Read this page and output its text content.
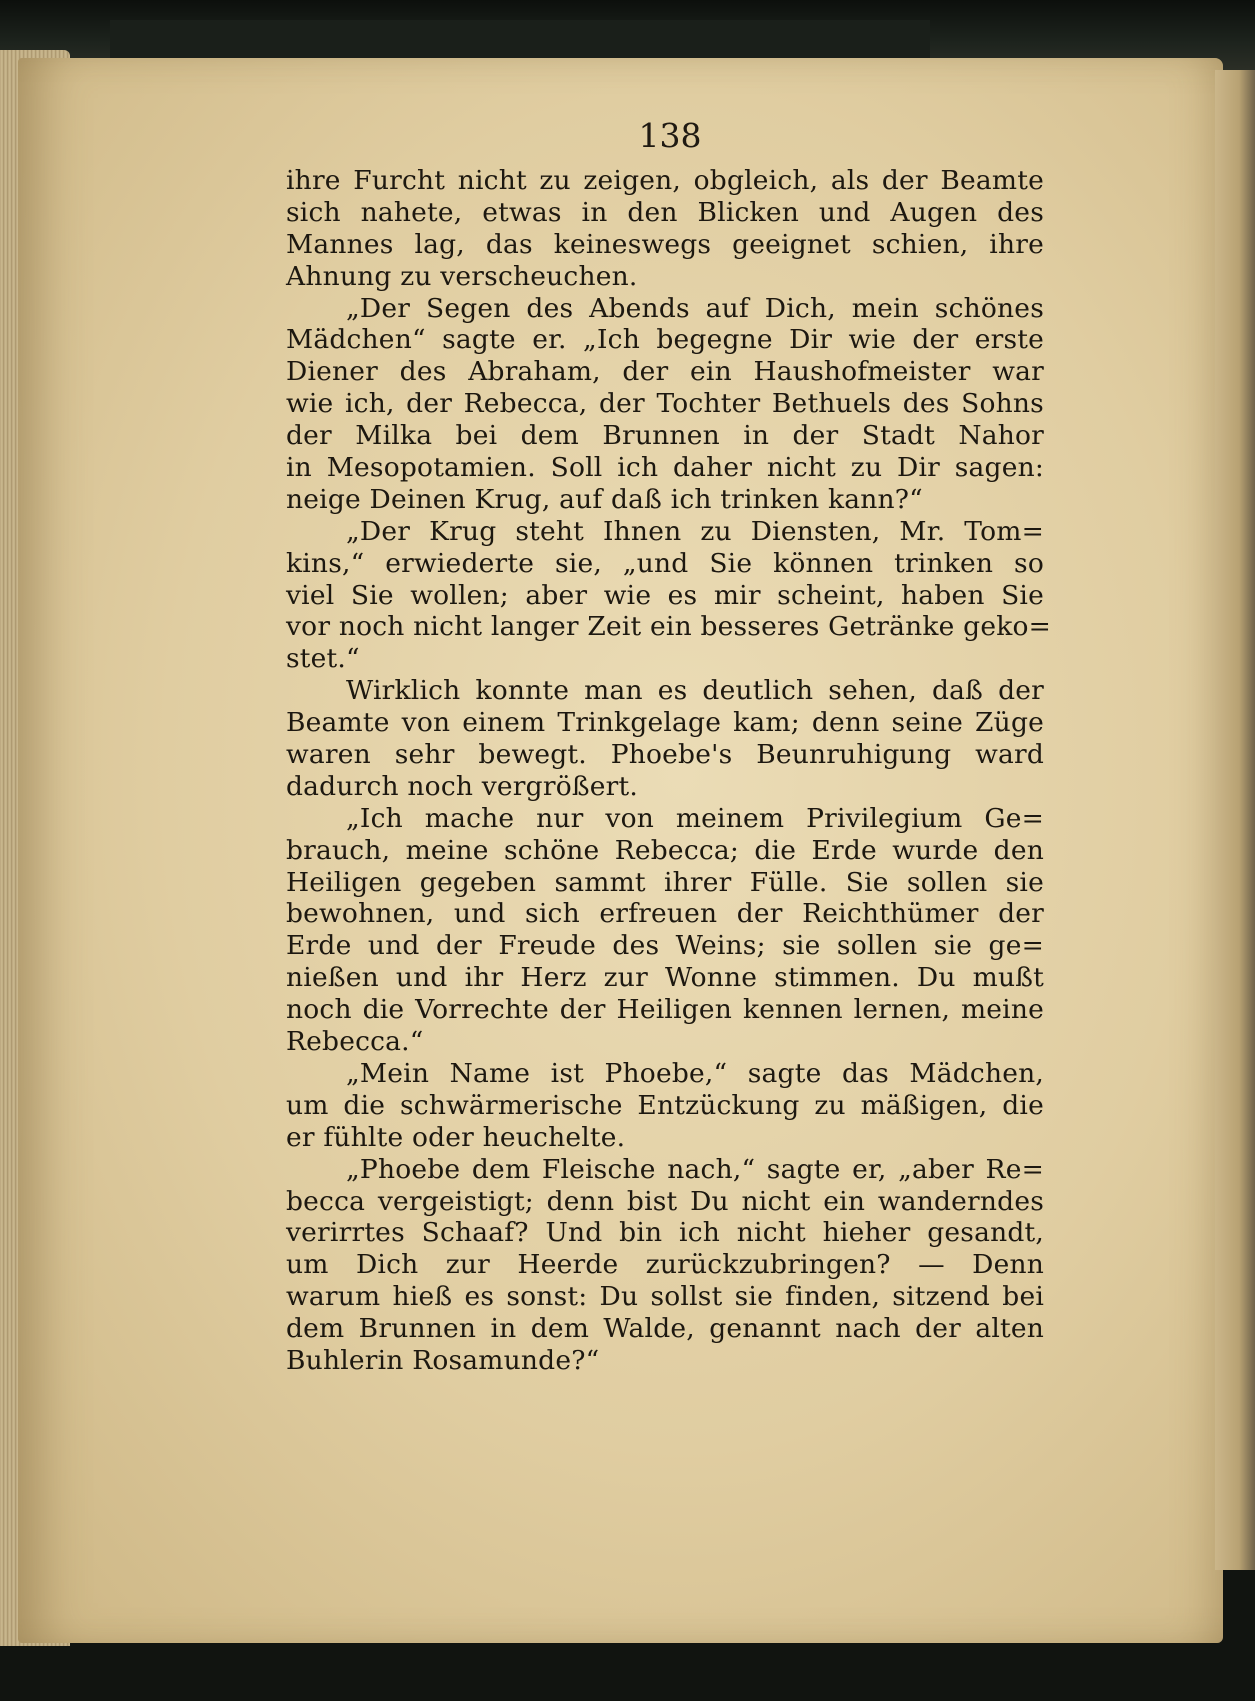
138
ihre Furcht nicht zu zeigen, obgleich, als der Beamte
sich nahete, etwas in den Blicken und Augen des
Mannes lag, das keineswegs geeignet schien, ihre
Ahnung zu verscheuchen.
„Der Segen des Abends auf Dich, mein schönes
Mädchen“ sagte er. „Ich begegne Dir wie der erste
Diener des Abraham, der ein Haushofmeister war
wie ich, der Rebecca, der Tochter Bethuels des Sohns
der Milka bei dem Brunnen in der Stadt Nahor
in Mesopotamien. Soll ich daher nicht zu Dir sagen:
neige Deinen Krug, auf daß ich trinken kann?“
„Der Krug steht Ihnen zu Diensten, Mr. Tom=
kins,“ erwiederte sie, „und Sie können trinken so
viel Sie wollen; aber wie es mir scheint, haben Sie
vor noch nicht langer Zeit ein besseres Getränke geko=
stet.“
Wirklich konnte man es deutlich sehen, daß der
Beamte von einem Trinkgelage kam; denn seine Züge
waren sehr bewegt. Phoebe's Beunruhigung ward
dadurch noch vergrößert.
„Ich mache nur von meinem Privilegium Ge=
brauch, meine schöne Rebecca; die Erde wurde den
Heiligen gegeben sammt ihrer Fülle. Sie sollen sie
bewohnen, und sich erfreuen der Reichthümer der
Erde und der Freude des Weins; sie sollen sie ge=
nießen und ihr Herz zur Wonne stimmen. Du mußt
noch die Vorrechte der Heiligen kennen lernen, meine
Rebecca.“
„Mein Name ist Phoebe,“ sagte das Mädchen,
um die schwärmerische Entzückung zu mäßigen, die
er fühlte oder heuchelte.
„Phoebe dem Fleische nach,“ sagte er, „aber Re=
becca vergeistigt; denn bist Du nicht ein wanderndes
verirrtes Schaaf? Und bin ich nicht hieher gesandt,
um Dich zur Heerde zurückzubringen? — Denn
warum hieß es sonst: Du sollst sie finden, sitzend bei
dem Brunnen in dem Walde, genannt nach der alten
Buhlerin Rosamunde?“
